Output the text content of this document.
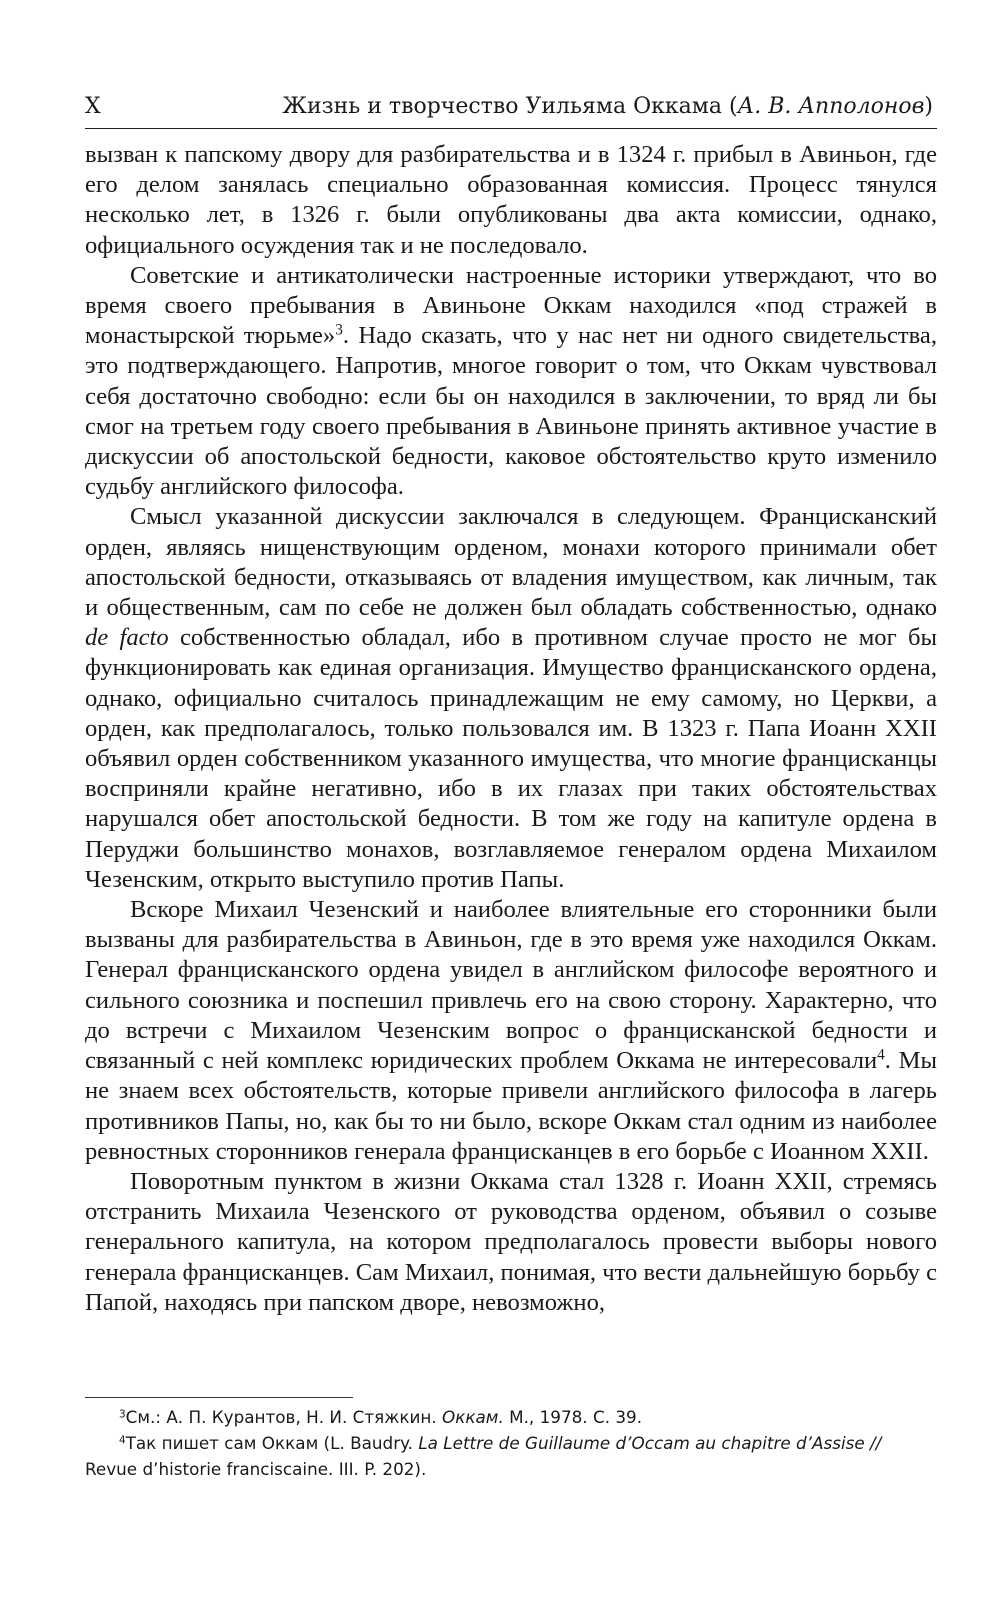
X	Жизнь и творчество Уильяма Оккама (А. В. Апполонов)

вызван к папскому двору для разбирательства и в 1324 г. прибыл в Авиньон, где его делом занялась специально образованная комиссия. Процесс тянулся несколько лет, в 1326 г. были опубликованы два акта комиссии, однако, официального осуждения так и не последовало.

Советские и антикатолически настроенные историки утверждают, что во время своего пребывания в Авиньоне Оккам находился «под стражей в монастырской тюрьме»$^3$. Надо сказать, что у нас нет ни одного свидетельства, это подтверждающего. Напротив, многое говорит о том, что Оккам чувствовал себя достаточно свободно: если бы он находился в заключении, то вряд ли бы смог на третьем году своего пребывания в Авиньоне принять активное участие в дискуссии об апостольской бедности, каковое обстоятельство круто изменило судьбу английского философа.

Смысл указанной дискуссии заключался в следующем. Францисканский орден, являясь нищенствующим орденом, монахи которого принимали обет апостольской бедности, отказываясь от владения имуществом, как личным, так и общественным, сам по себе не должен был обладать собственностью, однако de facto собственностью обладал, ибо в противном случае просто не мог бы функционировать как единая организация. Имущество францисканского ордена, однако, официально считалось принадлежащим не ему самому, но Церкви, а орден, как предполагалось, только пользовался им. В 1323 г. Папа Иоанн XXII объявил орден собственником указанного имущества, что многие францисканцы восприняли крайне негативно, ибо в их глазах при таких обстоятельствах нарушался обет апостольской бедности. В том же году на капитуле ордена в Перуджи большинство монахов, возглавляемое генералом ордена Михаилом Чезенским, открыто выступило против Папы.

Вскоре Михаил Чезенский и наиболее влиятельные его сторонники были вызваны для разбирательства в Авиньон, где в это время уже находился Оккам. Генерал францисканского ордена увидел в английском философе вероятного и сильного союзника и поспешил привлечь его на свою сторону. Характерно, что до встречи с Михаилом Чезенским вопрос о францисканской бедности и связанный с ней комплекс юридических проблем Оккама не интересовали$^4$. Мы не знаем всех обстоятельств, которые привели английского философа в лагерь противников Папы, но, как бы то ни было, вскоре Оккам стал одним из наиболее ревностных сторонников генерала францисканцев в его борьбе с Иоанном XXII.

Поворотным пунктом в жизни Оккама стал 1328 г. Иоанн XXII, стремясь отстранить Михаила Чезенского от руководства орденом, объявил о созыве генерального капитула, на котором предполагалось провести выборы нового генерала францисканцев. Сам Михаил, понимая, что вести дальнейшую борьбу с Папой, находясь при папском дворе, невозможно,

$^3$См.: А. П. Курантов, Н. И. Стяжкин. Оккам. М., 1978. С. 39.

$^4$Так пишет сам Оккам (L. Baudry. La Lettre de Guillaume d’Occam au chapitre d’Assise // Revue d’historie franciscaine. III. P. 202).
